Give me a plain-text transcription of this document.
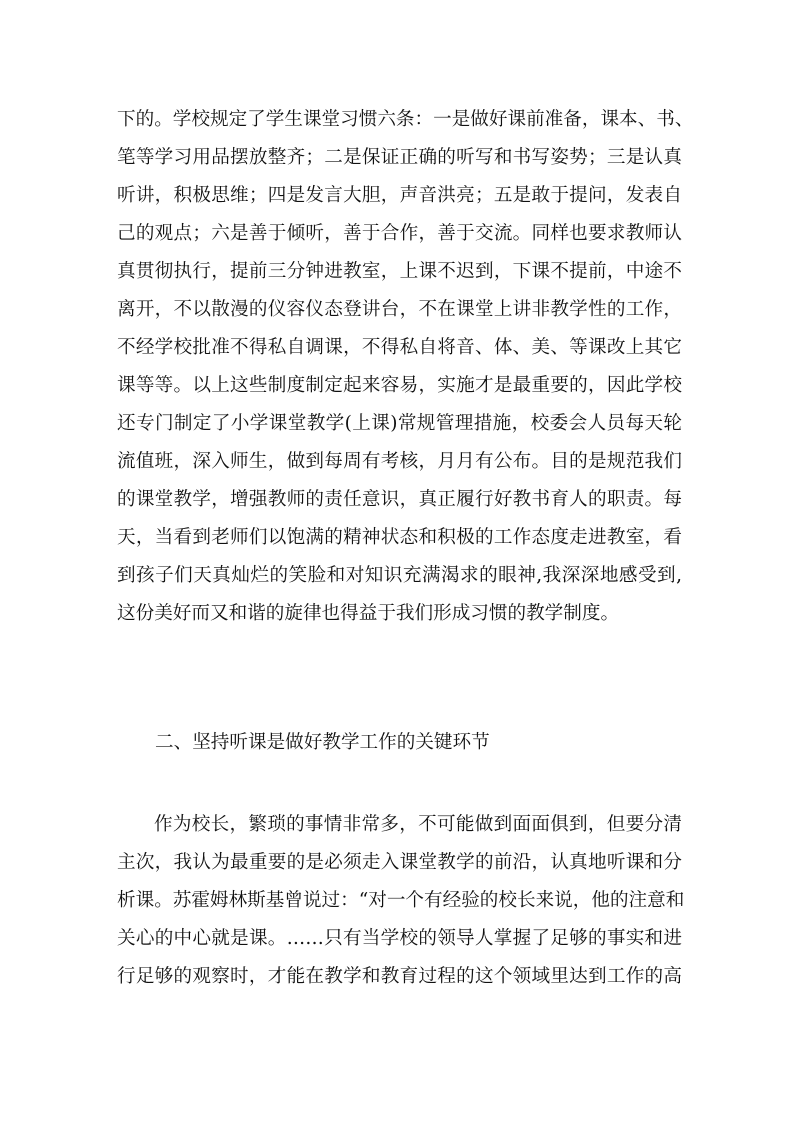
下的。学校规定了学生课堂习惯六条：一是做好课前准备，课本、书、
笔等学习用品摆放整齐；二是保证正确的听写和书写姿势；三是认真
听讲，积极思维；四是发言大胆，声音洪亮；五是敢于提问，发表自
己的观点；六是善于倾听，善于合作，善于交流。同样也要求教师认
真贯彻执行，提前三分钟进教室，上课不迟到，下课不提前，中途不
离开，不以散漫的仪容仪态登讲台，不在课堂上讲非教学性的工作，
不经学校批准不得私自调课，不得私自将音、体、美、等课改上其它
课等等。以上这些制度制定起来容易，实施才是最重要的，因此学校
还专门制定了小学课堂教学(上课)常规管理措施，校委会人员每天轮
流值班，深入师生，做到每周有考核，月月有公布。目的是规范我们
的课堂教学，增强教师的责任意识，真正履行好教书育人的职责。每
天，当看到老师们以饱满的精神状态和积极的工作态度走进教室，看
到孩子们天真灿烂的笑脸和对知识充满渴求的眼神,我深深地感受到,
这份美好而又和谐的旋律也得益于我们形成习惯的教学制度。
二、坚持听课是做好教学工作的关键环节
作为校长，繁琐的事情非常多，不可能做到面面俱到，但要分清
主次，我认为最重要的是必须走入课堂教学的前沿，认真地听课和分
析课。苏霍姆林斯基曾说过：“对一个有经验的校长来说，他的注意和
关心的中心就是课。……只有当学校的领导人掌握了足够的事实和进
行足够的观察时，才能在教学和教育过程的这个领域里达到工作的高
